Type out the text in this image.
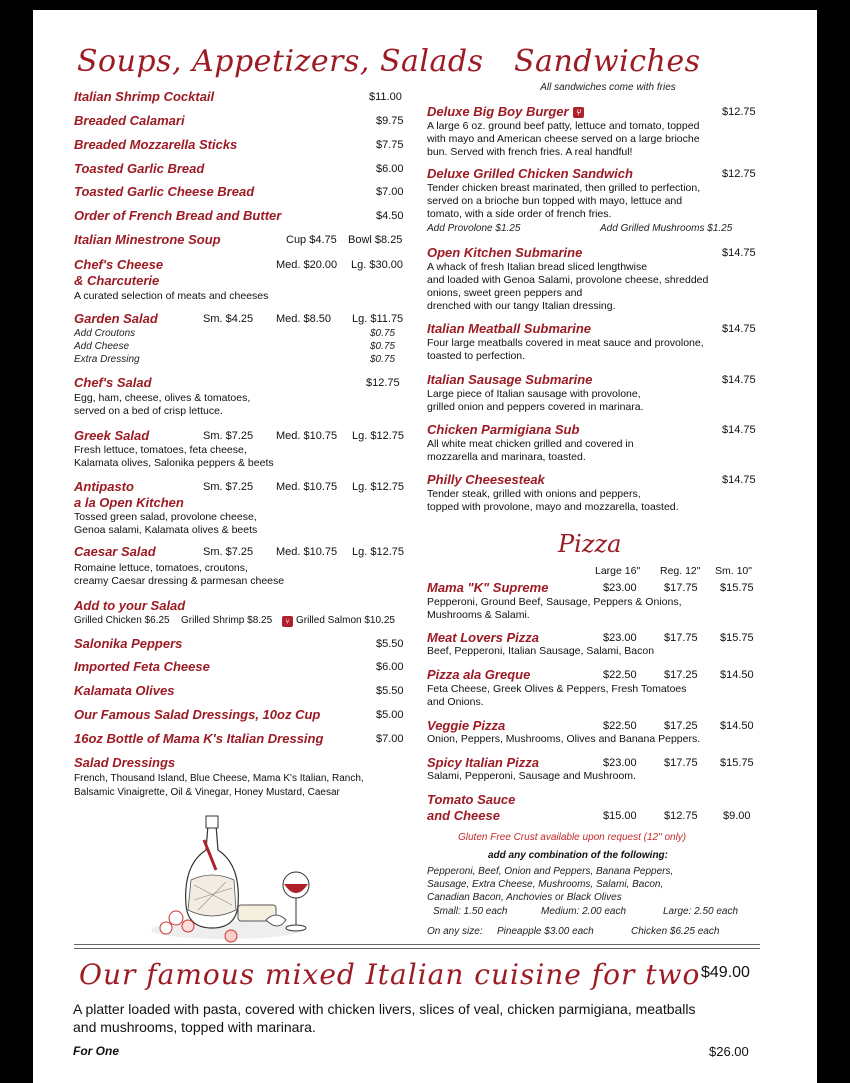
Soups, Appetizers, Salads Sandwiches
All sandwiches come with fries
Italian Shrimp Cocktail	$11.00
Breaded Calamari	$9.75
Breaded Mozzarella Sticks	$7.75
Toasted Garlic Bread	$6.00
Toasted Garlic Cheese Bread	$7.00
Order of French Bread and Butter	$4.50
Italian Minestrone Soup	Cup $4.75 Bowl $8.25
Chef's Cheese
& Charcuterie
Med. $20.00 Lg. $30.00
A curated selection of meats and cheeses
Garden Salad	Sm. $4.25 Med. $8.50 Lg. $11.75
Add Croutons	$0.75
Add Cheese	$0.75
Extra Dressing	$0.75
Chef's Salad	$12.75
Egg, ham, cheese, olives & tomatoes,
served on a bed of crisp lettuce.
Greek Salad	Sm. $7.25 Med. $10.75 Lg. $12.75
Fresh lettuce, tomatoes, feta cheese,
Kalamata olives, Salonika peppers & beets
Antipasto
a la Open Kitchen
Sm. $7.25 Med. $10.75 Lg. $12.75
Tossed green salad, provolone cheese,
Genoa salami, Kalamata olives & beets
Caesar Salad	Sm. $7.25 Med. $10.75 Lg. $12.75
Romaine lettuce, tomatoes, croutons,
creamy Caesar dressing & parmesan cheese
Add to your Salad
Grilled Chicken $6.25 Grilled Shrimp $8.25	⑂ Grilled Salmon $10.25
Salonika Peppers	$5.50
Imported Feta Cheese	$6.00
Kalamata Olives	$5.50
Our Famous Salad Dressings, 10oz Cup	$5.00
16oz Bottle of Mama K's Italian Dressing	$7.00
Salad Dressings
French, Thousand Island, Blue Cheese, Mama K's Italian, Ranch,
Balsamic Vinaigrette, Oil & Vinegar, Honey Mustard, Caesar
Deluxe Big Boy Burger ⑂	$12.75
A large 6 oz. ground beef patty, lettuce and tomato, topped
with mayo and American cheese served on a large brioche
bun. Served with french fries. A real handful!
Deluxe Grilled Chicken Sandwich	$12.75
Tender chicken breast marinated, then grilled to perfection,
served on a brioche bun topped with mayo, lettuce and
tomato, with a side order of french fries.
Add Provolone $1.25	Add Grilled Mushrooms $1.25
Open Kitchen Submarine	$14.75
A whack of fresh Italian bread sliced lengthwise
and loaded with Genoa Salami, provolone cheese, shredded
onions, sweet green peppers and
drenched with our tangy Italian dressing.
Italian Meatball Submarine	$14.75
Four large meatballs covered in meat sauce and provolone,
toasted to perfection.
Italian Sausage Submarine	$14.75
Large piece of Italian sausage with provolone,
grilled onion and peppers covered in marinara.
Chicken Parmigiana Sub	$14.75
All white meat chicken grilled and covered in
mozzarella and marinara, toasted.
Philly Cheesesteak	$14.75
Tender steak, grilled with onions and peppers,
topped with provolone, mayo and mozzarella, toasted.
Pizza
Large 16" Reg. 12" Sm. 10"
Mama "K" Supreme	$23.00 $17.75 $15.75
Pepperoni, Ground Beef, Sausage, Peppers & Onions,
Mushrooms & Salami.
Meat Lovers Pizza	$23.00 $17.75 $15.75
Beef, Pepperoni, Italian Sausage, Salami, Bacon
Pizza ala Greque	$22.50 $17.25 $14.50
Feta Cheese, Greek Olives & Peppers, Fresh Tomatoes
and Onions.
Veggie Pizza	$22.50 $17.25 $14.50
Onion, Peppers, Mushrooms, Olives and Banana Peppers.
Spicy Italian Pizza	$23.00 $17.75 $15.75
Salami, Pepperoni, Sausage and Mushroom.
Tomato Sauce
and Cheese	$15.00 $12.75 $9.00
Gluten Free Crust available upon request (12" only)
add any combination of the following:
Pepperoni, Beef, Onion and Peppers, Banana Peppers,
Sausage, Extra Cheese, Mushrooms, Salami, Bacon,
Canadian Bacon, Anchovies or Black Olives
Small: 1.50 each	Medium: 2.00 each	Large: 2.50 each
On any size: Pineapple $3.00 each	Chicken $6.25 each
Our famous mixed Italian cuisine for two $49.00
A platter loaded with pasta, covered with chicken livers, slices of veal, chicken parmigiana, meatballs and mushrooms, topped with marinara.
For One	$26.00
